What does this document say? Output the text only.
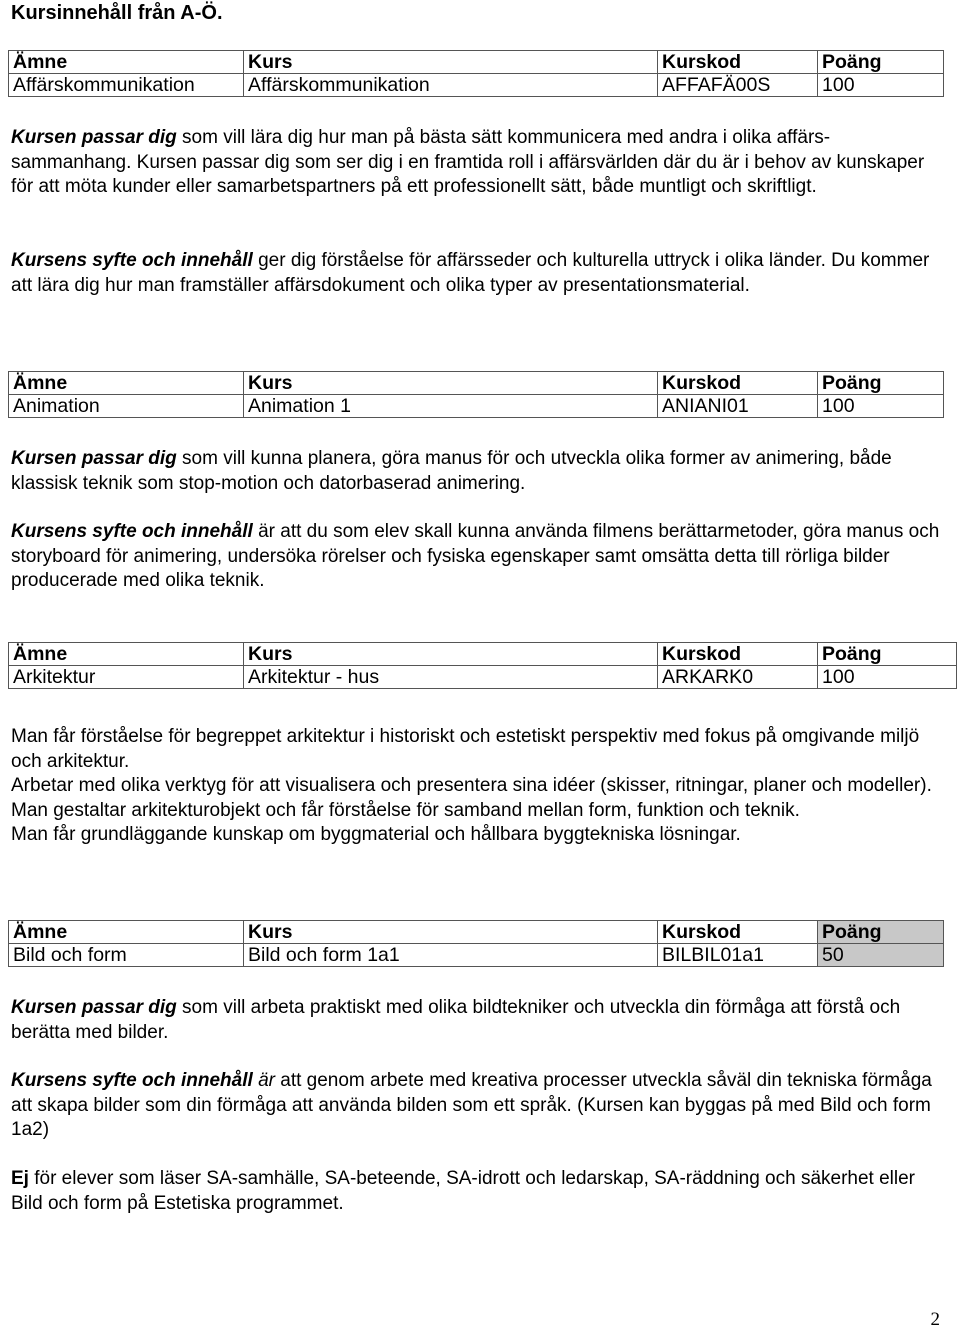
Kursinnehåll från A-Ö.
Ämne	Kurs	Kurskod	Poäng
Affärskommunikation	Affärskommunikation	AFFAFÄ00S	100

Kursen passar dig som vill lära dig hur man på bästa sätt kommunicera med andra i olika affärs-sammanhang. Kursen passar dig som ser dig i en framtida roll i affärsvärlden där du är i behov av kunskaper för att möta kunder eller samarbetspartners på ett professionellt sätt, både muntligt och skriftligt.

Kursens syfte och innehåll ger dig förståelse för affärsseder och kulturella uttryck i olika länder. Du kommer att lära dig hur man framställer affärsdokument och olika typer av presentationsmaterial.

Ämne	Kurs	Kurskod	Poäng
Animation	Animation 1	ANIANI01	100

Kursen passar dig som vill kunna planera, göra manus för och utveckla olika former av animering, både klassisk teknik som stop-motion och datorbaserad animering.

Kursens syfte och innehåll är att du som elev skall kunna använda filmens berättarmetoder, göra manus och storyboard för animering, undersöka rörelser och fysiska egenskaper samt omsätta detta till rörliga bilder producerade med olika teknik.

Ämne	Kurs	Kurskod	Poäng
Arkitektur	Arkitektur - hus	ARKARK0	100

Man får förståelse för begreppet arkitektur i historiskt och estetiskt perspektiv med fokus på omgivande miljö och arkitektur.

Arbetar med olika verktyg för att visualisera och presentera sina idéer (skisser, ritningar, planer och modeller).

Man gestaltar arkitekturobjekt och får förståelse för samband mellan form, funktion och teknik.

Man får grundläggande kunskap om byggmaterial och hållbara byggtekniska lösningar.

Ämne	Kurs	Kurskod	Poäng
Bild och form	Bild och form 1a1	BILBIL01a1	50

Kursen passar dig som vill arbeta praktiskt med olika bildtekniker och utveckla din förmåga att förstå och berätta med bilder.

Kursens syfte och innehåll är att genom arbete med kreativa processer utveckla såväl din tekniska förmåga att skapa bilder som din förmåga att använda bilden som ett språk. (Kursen kan byggas på med Bild och form 1a2)

Ej för elever som läser SA-samhälle, SA-beteende, SA-idrott och ledarskap, SA-räddning och säkerhet eller Bild och form på Estetiska programmet.

2
